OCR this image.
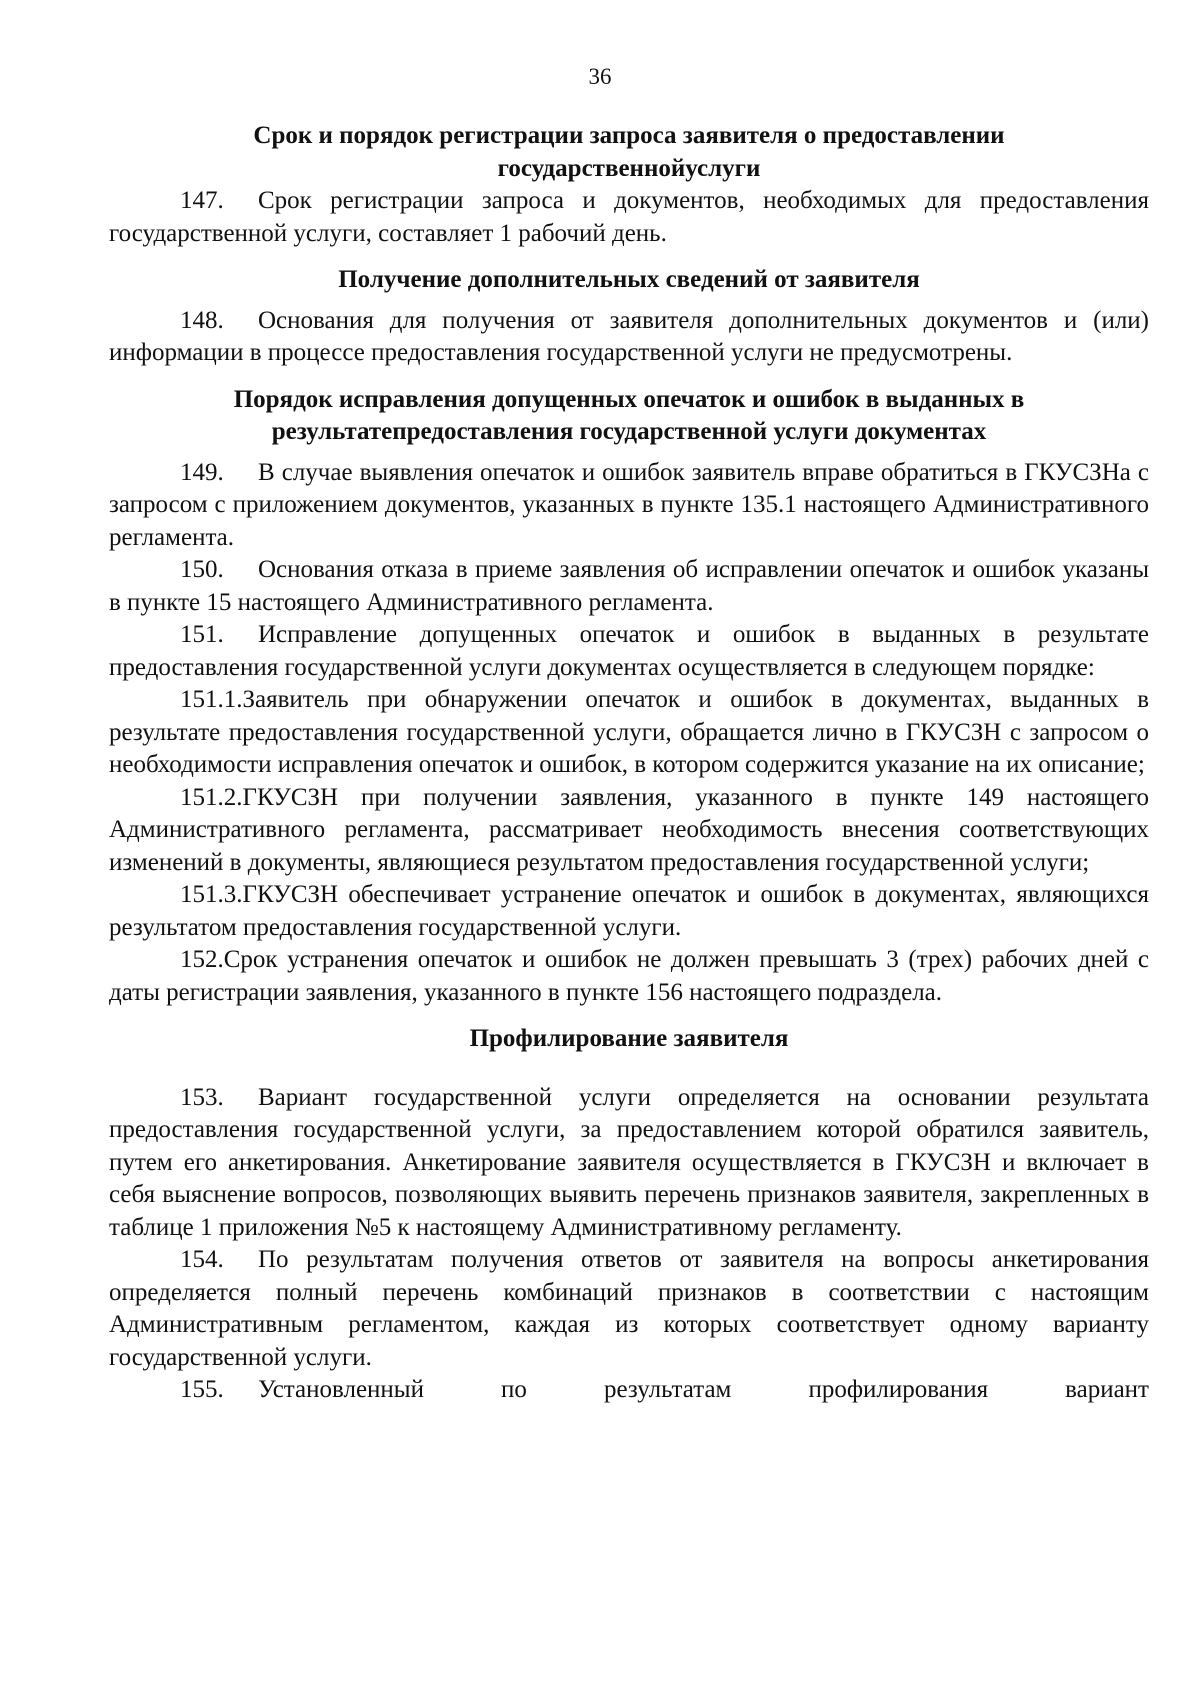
36

Срок и порядок регистрации запроса заявителя о предоставлении государственнойуслуги

147. Срок регистрации запроса и документов, необходимых для предоставления государственной услуги, составляет 1 рабочий день.

Получение дополнительных сведений от заявителя

148. Основания для получения от заявителя дополнительных документов и (или) информации в процессе предоставления государственной услуги не предусмотрены.

Порядок исправления допущенных опечаток и ошибок в выданных в результатепредоставления государственной услуги документах

149. В случае выявления опечаток и ошибок заявитель вправе обратиться в ГКУСЗНа с запросом с приложением документов, указанных в пункте 135.1 настоящего Административного регламента.

150. Основания отказа в приеме заявления об исправлении опечаток и ошибок указаны в пункте 15 настоящего Административного регламента.

151. Исправление допущенных опечаток и ошибок в выданных в результате предоставления государственной услуги документах осуществляется в следующем порядке:

151.1.Заявитель при обнаружении опечаток и ошибок в документах, выданных в результате предоставления государственной услуги, обращается лично в ГКУСЗН с запросом о необходимости исправления опечаток и ошибок, в котором содержится указание на их описание;

151.2.ГКУСЗН при получении заявления, указанного в пункте 149 настоящего Административного регламента, рассматривает необходимость внесения соответствующих изменений в документы, являющиеся результатом предоставления государственной услуги;

151.3.ГКУСЗН обеспечивает устранение опечаток и ошибок в документах, являющихся результатом предоставления государственной услуги.

152.Срок устранения опечаток и ошибок не должен превышать 3 (трех) рабочих дней с даты регистрации заявления, указанного в пункте 156 настоящего подраздела.

Профилирование заявителя

153. Вариант государственной услуги определяется на основании результата предоставления государственной услуги, за предоставлением которой обратился заявитель, путем его анкетирования. Анкетирование заявителя осуществляется в ГКУСЗН и включает в себя выяснение вопросов, позволяющих выявить перечень признаков заявителя, закрепленных в таблице 1 приложения №5 к настоящему Административному регламенту.

154. По результатам получения ответов от заявителя на вопросы анкетирования определяется полный перечень комбинаций признаков в соответствии с настоящим Административным регламентом, каждая из которых соответствует одному варианту государственной услуги.

155. Установленный по результатам профилирования вариант
